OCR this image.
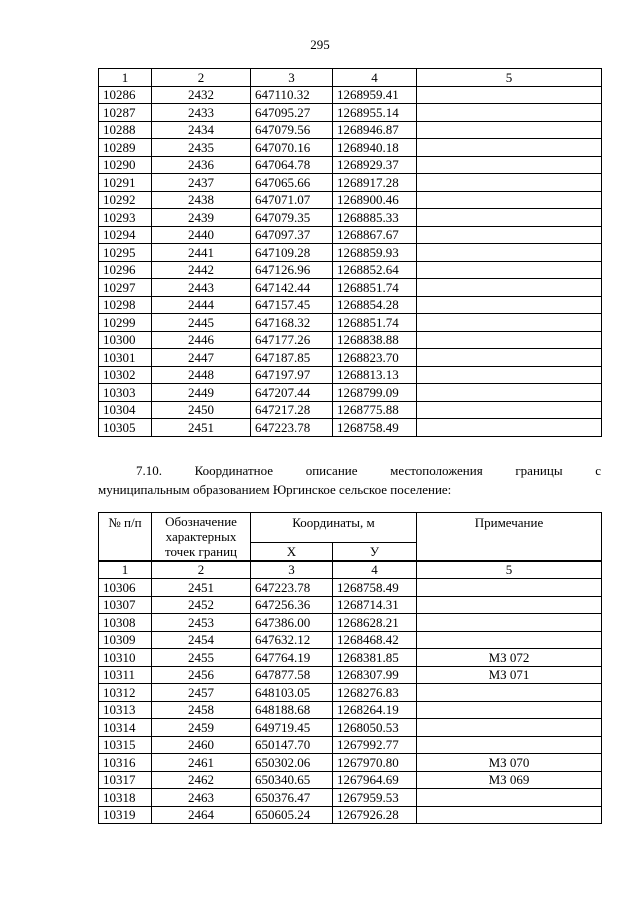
295
1	2	3	4	5
10286	2432	647110.32	1268959.41	
10287	2433	647095.27	1268955.14	
10288	2434	647079.56	1268946.87	
10289	2435	647070.16	1268940.18	
10290	2436	647064.78	1268929.37	
10291	2437	647065.66	1268917.28	
10292	2438	647071.07	1268900.46	
10293	2439	647079.35	1268885.33	
10294	2440	647097.37	1268867.67	
10295	2441	647109.28	1268859.93	
10296	2442	647126.96	1268852.64	
10297	2443	647142.44	1268851.74	
10298	2444	647157.45	1268854.28	
10299	2445	647168.32	1268851.74	
10300	2446	647177.26	1268838.88	
10301	2447	647187.85	1268823.70	
10302	2448	647197.97	1268813.13	
10303	2449	647207.44	1268799.09	
10304	2450	647217.28	1268775.88	
10305	2451	647223.78	1268758.49	
7.10.	Координатное	описание	местоположения	границы	с
муниципальным образованием Юргинское сельское поселение:
№ п/п	Обозначение характерных точек границ	Координаты, м		Примечание
		Х	У	
1	2	3	4	5
10306	2451	647223.78	1268758.49	
10307	2452	647256.36	1268714.31	
10308	2453	647386.00	1268628.21	
10309	2454	647632.12	1268468.42	
10310	2455	647764.19	1268381.85	МЗ 072
10311	2456	647877.58	1268307.99	МЗ 071
10312	2457	648103.05	1268276.83	
10313	2458	648188.68	1268264.19	
10314	2459	649719.45	1268050.53	
10315	2460	650147.70	1267992.77	
10316	2461	650302.06	1267970.80	МЗ 070
10317	2462	650340.65	1267964.69	МЗ 069
10318	2463	650376.47	1267959.53	
10319	2464	650605.24	1267926.28	
